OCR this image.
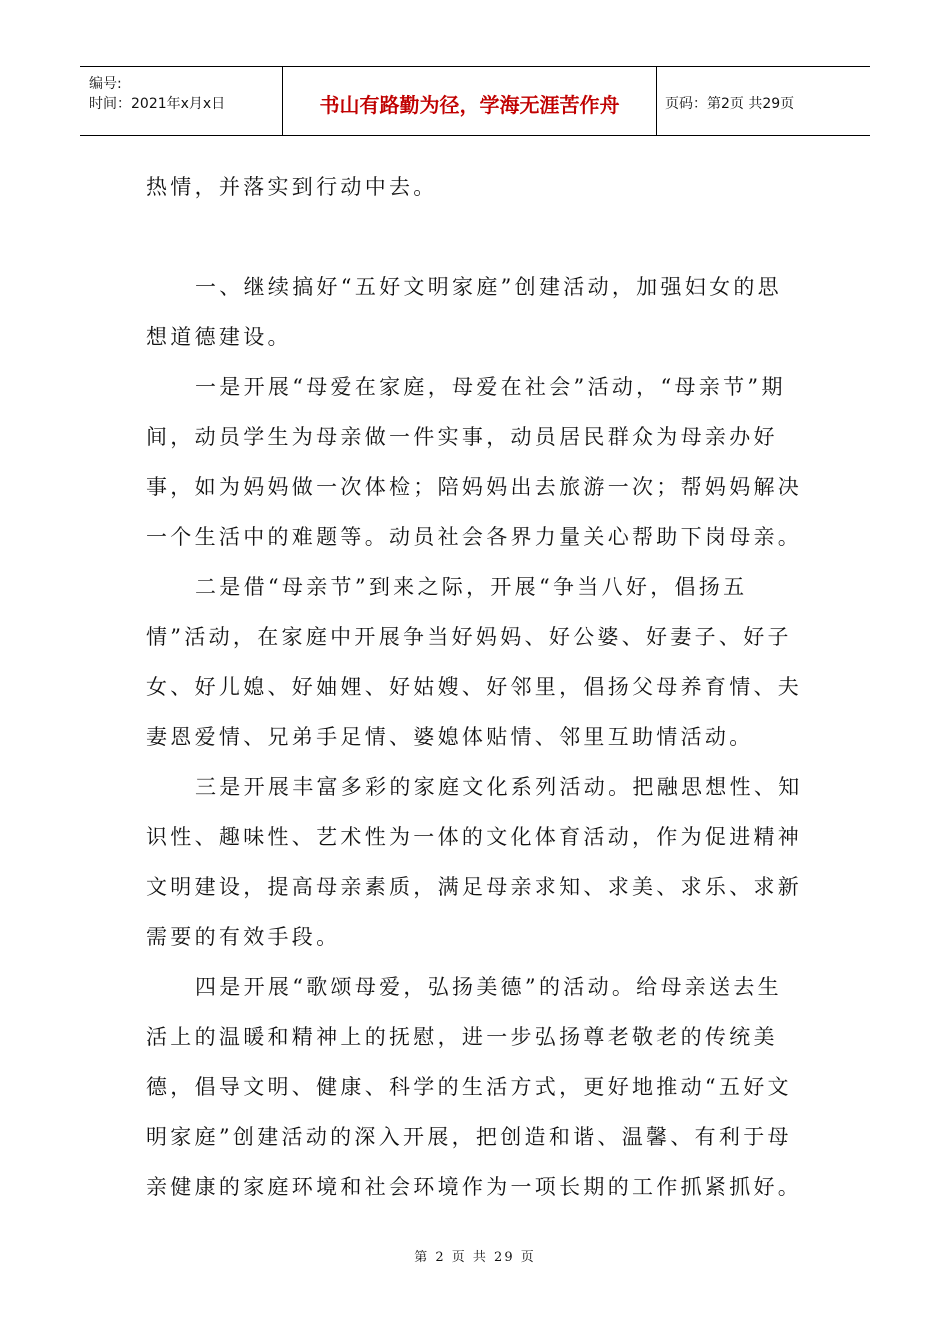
编号:
时间：2021年x月x日	书山有路勤为径，学海无涯苦作舟	页码：第2页 共29页

热情，并落实到行动中去。

一、继续搞好“五好文明家庭”创建活动，加强妇女的思想道德建设。

一是开展“母爱在家庭，母爱在社会”活动，“母亲节”期间，动员学生为母亲做一件实事，动员居民群众为母亲办好事，如为妈妈做一次体检；陪妈妈出去旅游一次；帮妈妈解决一个生活中的难题等。动员社会各界力量关心帮助下岗母亲。

二是借“母亲节”到来之际，开展“争当八好，倡扬五情”活动，在家庭中开展争当好妈妈、好公婆、好妻子、好子女、好儿媳、好妯娌、好姑嫂、好邻里，倡扬父母养育情、夫妻恩爱情、兄弟手足情、婆媳体贴情、邻里互助情活动。

三是开展丰富多彩的家庭文化系列活动。把融思想性、知识性、趣味性、艺术性为一体的文化体育活动，作为促进精神文明建设，提高母亲素质，满足母亲求知、求美、求乐、求新需要的有效手段。

四是开展“歌颂母爱，弘扬美德”的活动。给母亲送去生活上的温暖和精神上的抚慰，进一步弘扬尊老敬老的传统美德，倡导文明、健康、科学的生活方式，更好地推动“五好文明家庭”创建活动的深入开展，把创造和谐、温馨、有利于母亲健康的家庭环境和社会环境作为一项长期的工作抓紧抓好。

第 2 页 共 29 页
